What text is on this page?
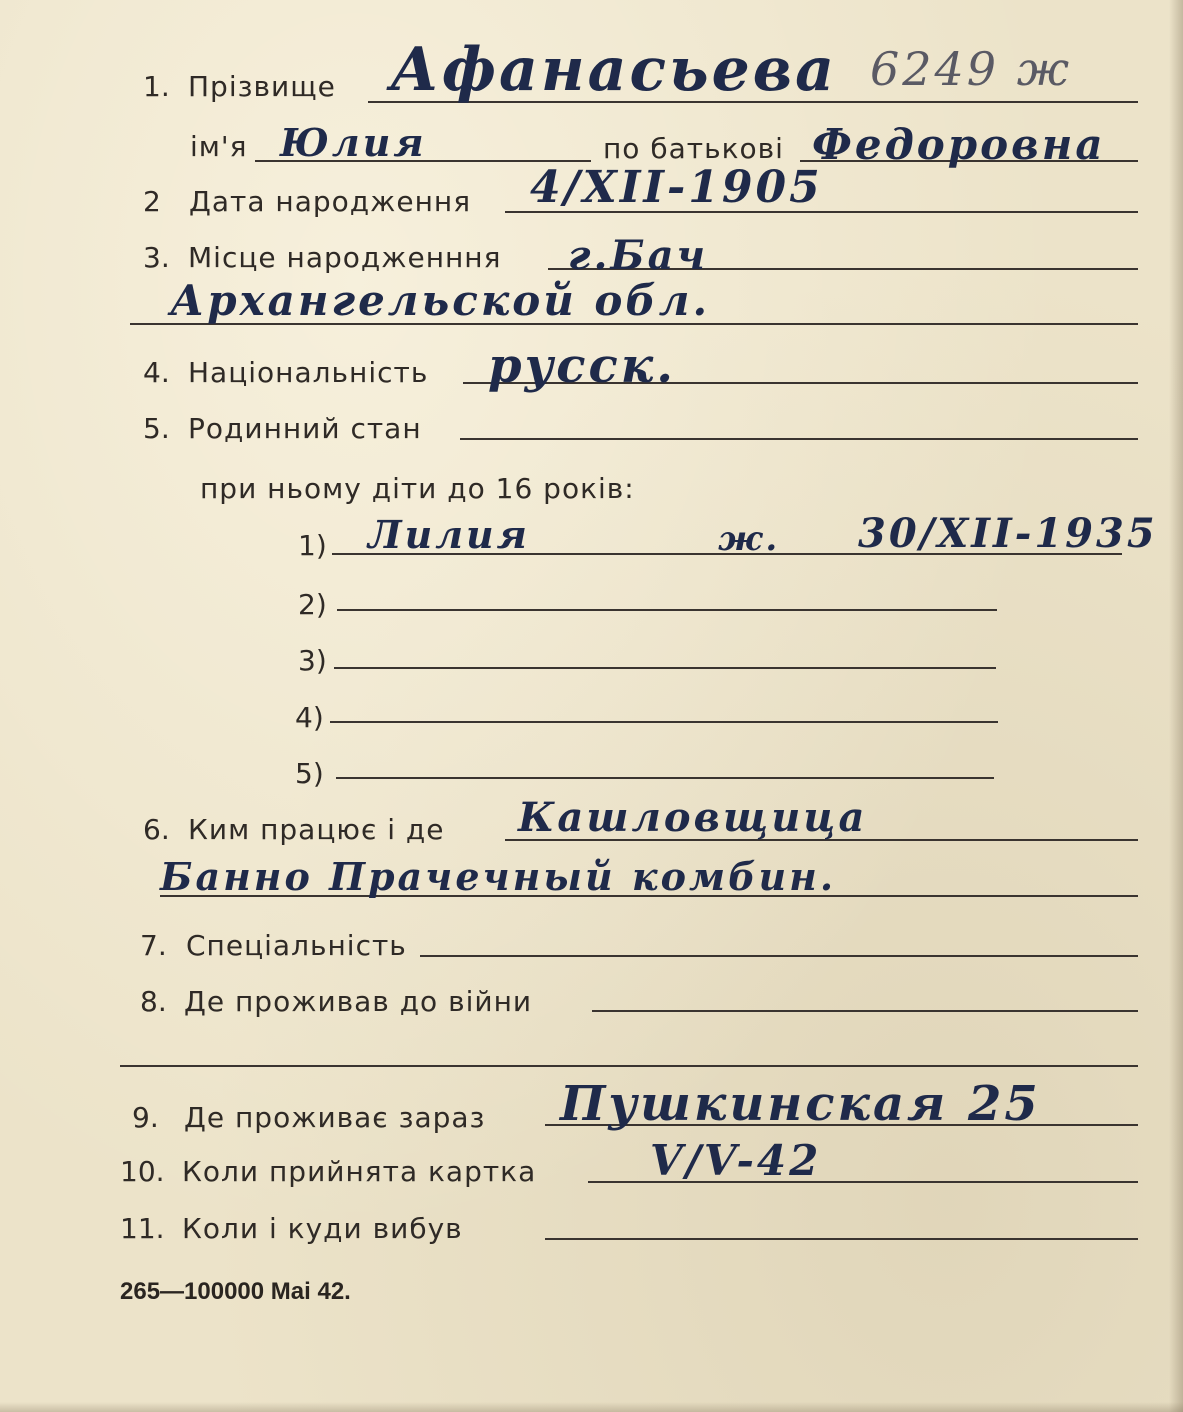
1. Прізвище Афанасьева 6249 ж
ім'я Юлия	по батькові Федоровна
2 Дата народження 4/XII-1905
3. Місце народженння г.Бач
Архангельской обл.
4. Національність русск.
5. Родинний стан
при ньому діти до 16 років:
1) Лилия	ж. 30/XII-1935
2)
3)
4)
5)
6. Ким працює і де Кашловщица
Банно Прачечный комбин.
7. Спеціальність
8. Де проживав до війни
9. Де проживає зараз Пушкинская 25
10. Коли прийнята картка	V/V-42
11. Коли і куди вибув
265—100000 Mai 42.
